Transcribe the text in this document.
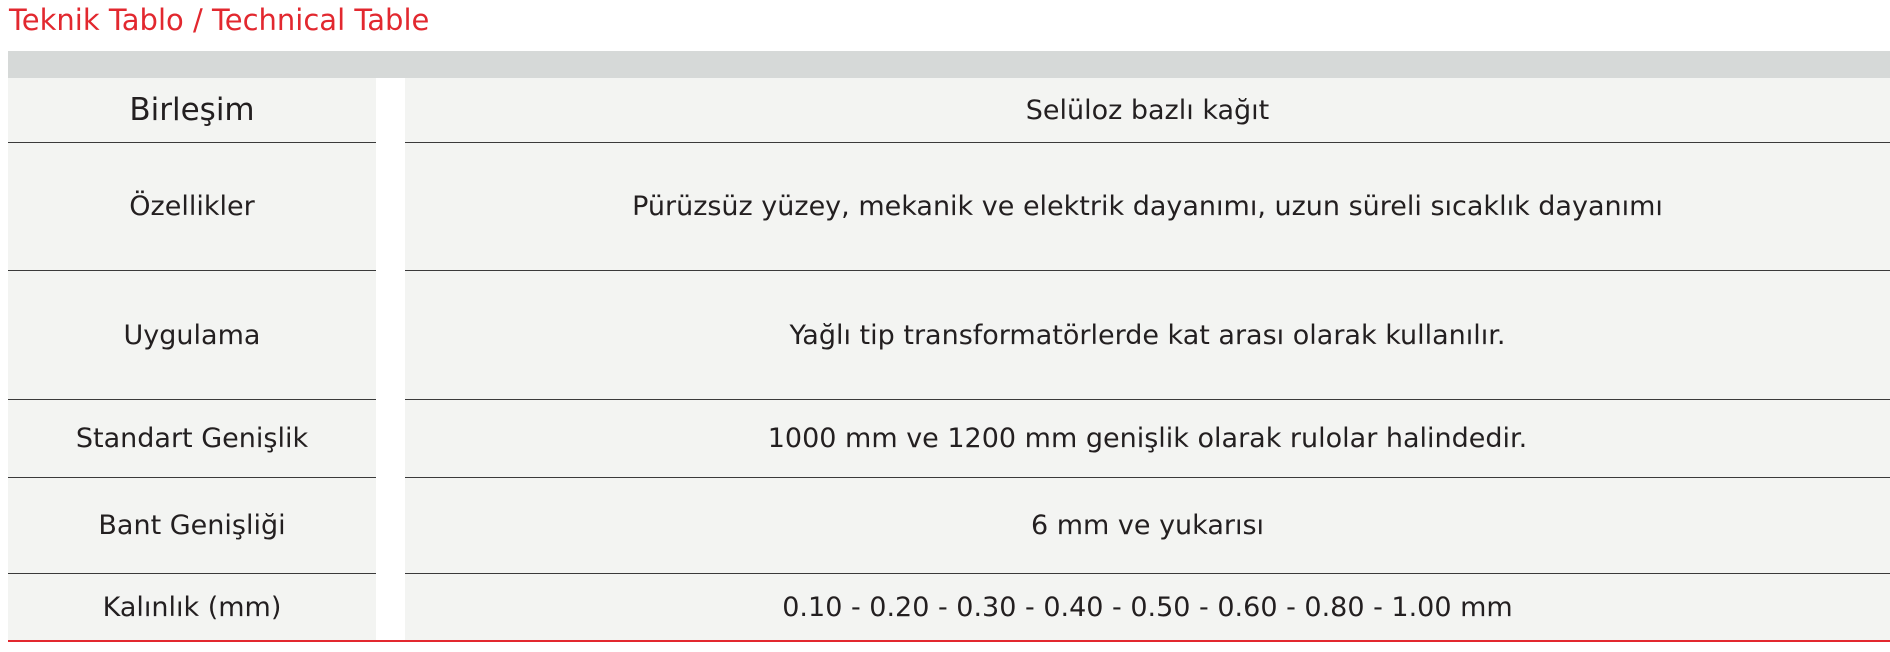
Teknik Tablo / Technical Table
Birleşim	Selüloz bazlı kağıt
Özellikler	Pürüzsüz yüzey, mekanik ve elektrik dayanımı, uzun süreli sıcaklık dayanımı
Uygulama	Yağlı tip transformatörlerde kat arası olarak kullanılır.
Standart Genişlik	1000 mm ve 1200 mm genişlik olarak rulolar halindedir.
Bant Genişliği	6 mm ve yukarısı
Kalınlık (mm)	0.10 - 0.20 - 0.30 - 0.40 - 0.50 - 0.60 - 0.80 - 1.00 mm
